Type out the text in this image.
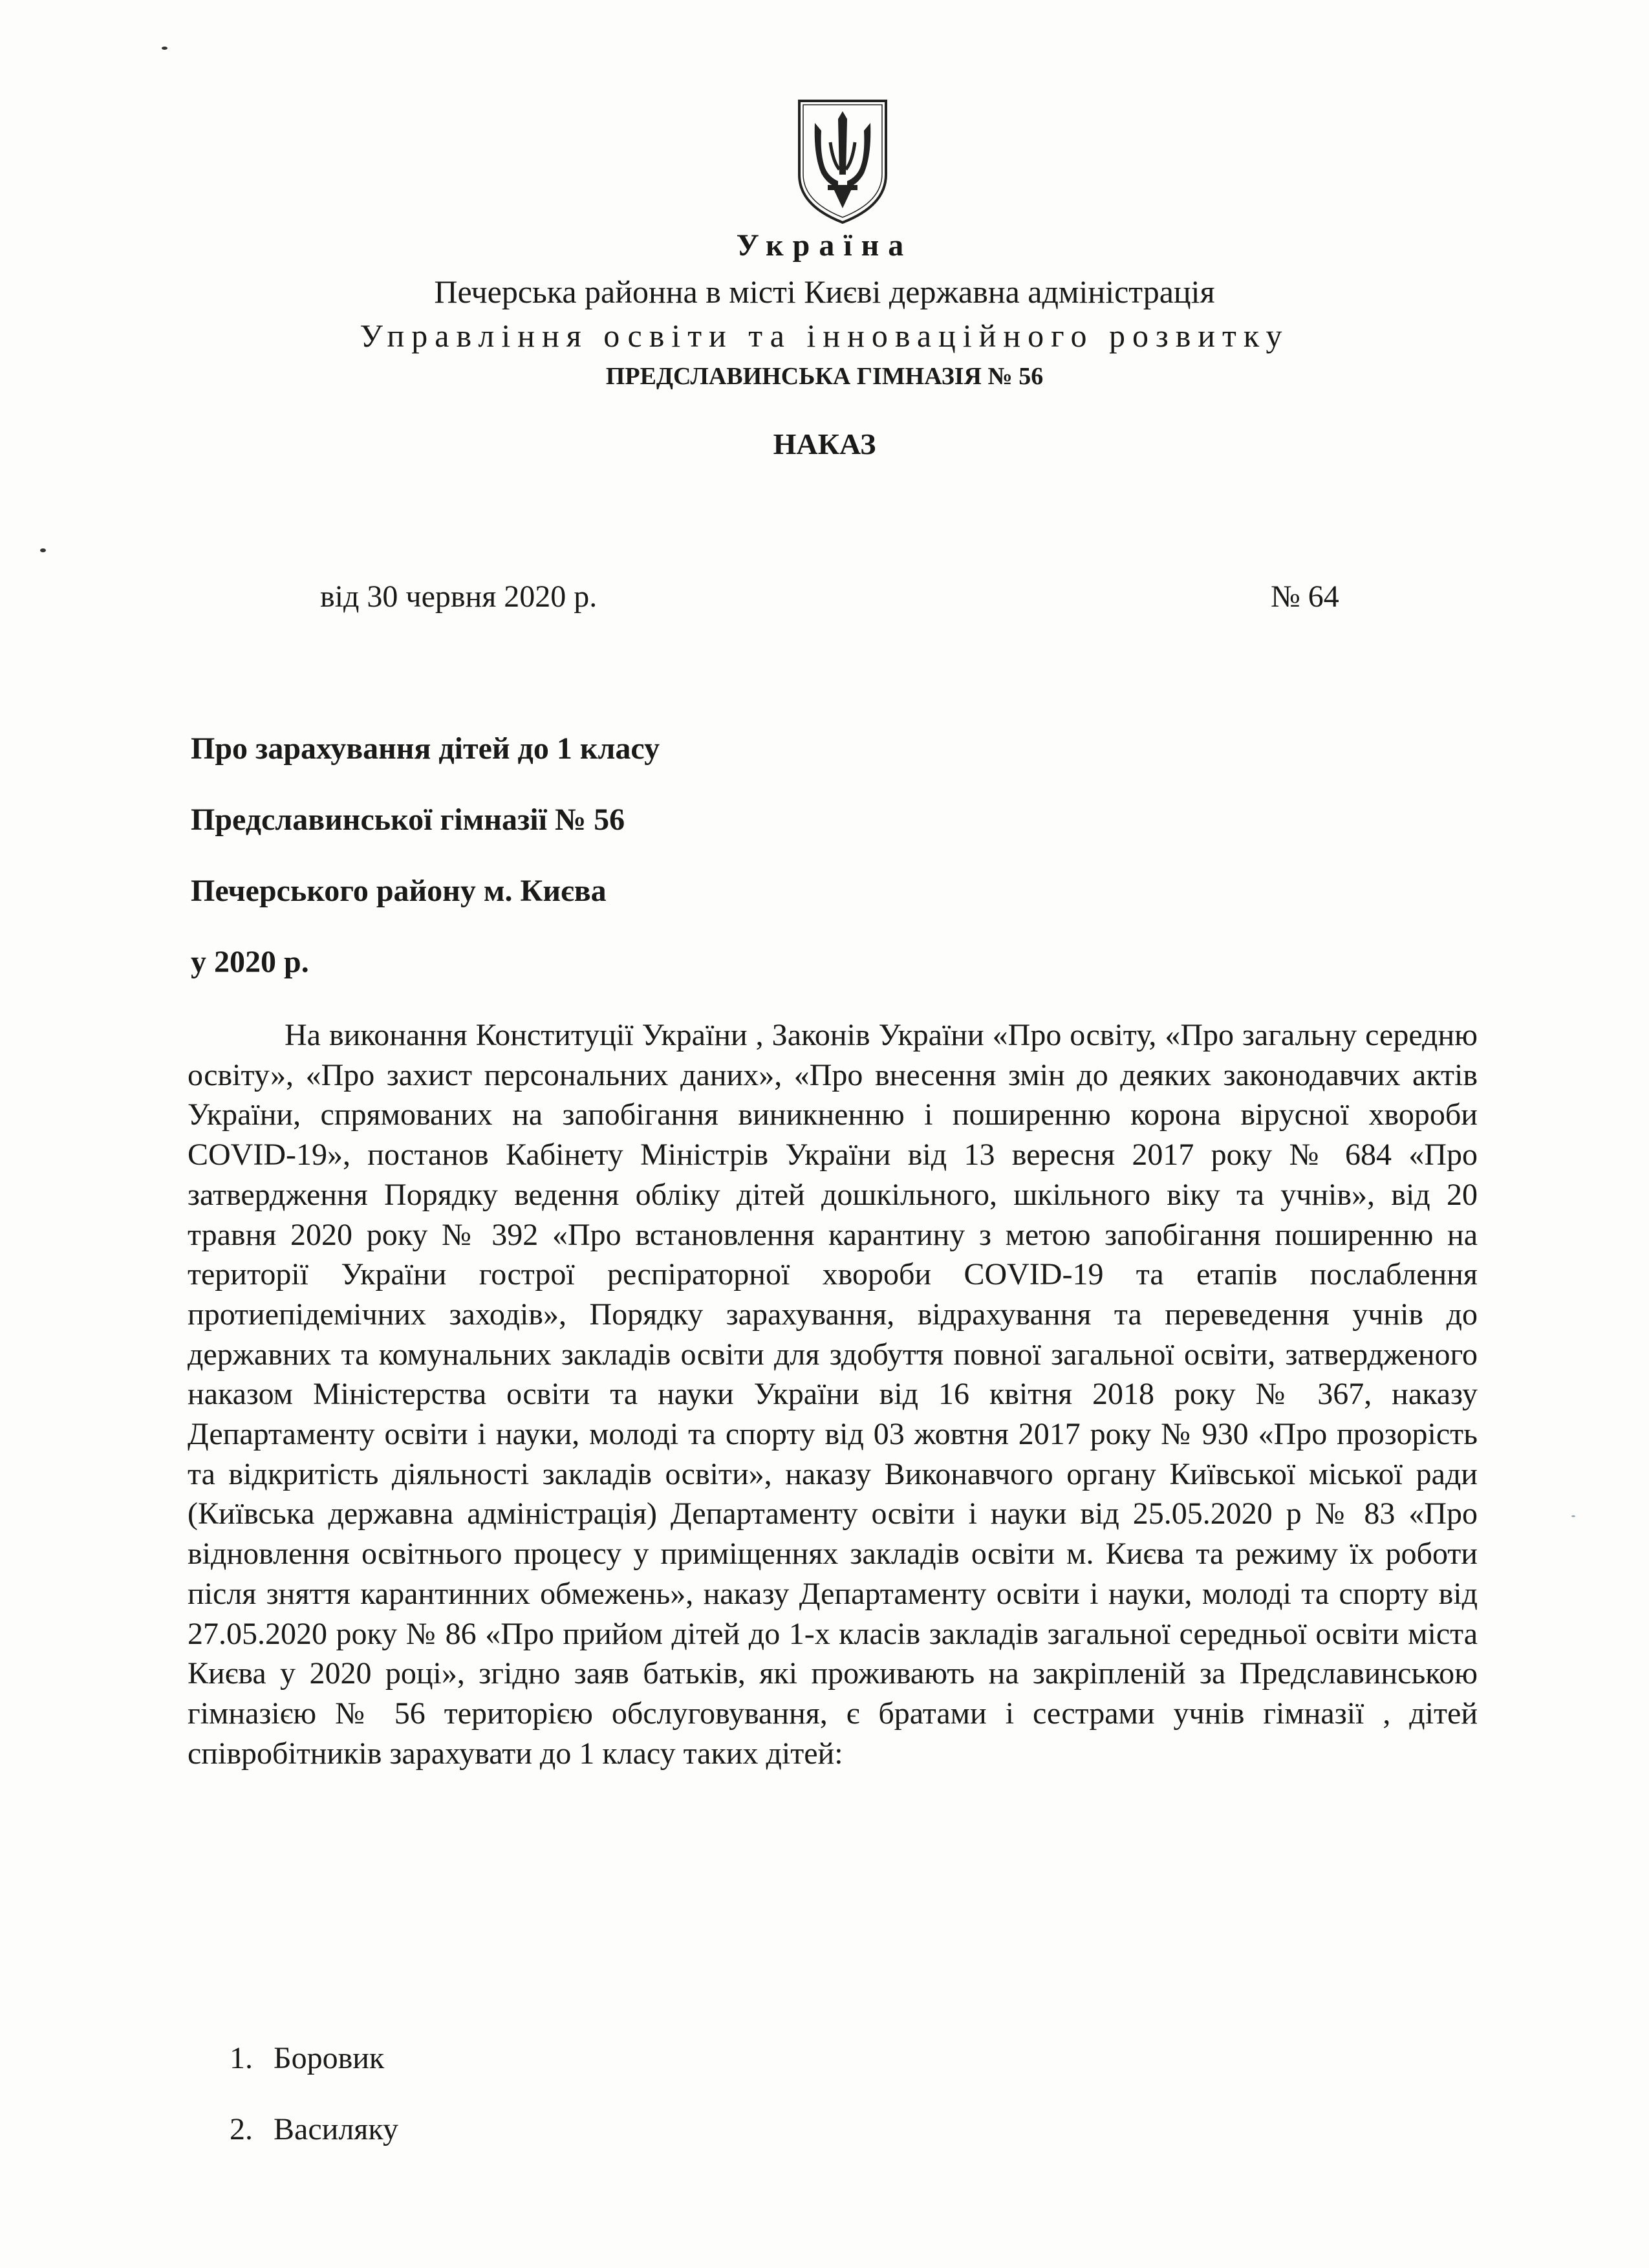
Україна
Печерська районна в місті Києві державна адміністрація
Управління освіти та інноваційного розвитку
ПРЕДСЛАВИНСЬКА ГІМНАЗІЯ № 56
НАКАЗ
від 30 червня 2020 р.	№ 64
Про зарахування дітей до 1 класу
Предславинської гімназії № 56
Печерського району м. Києва
у 2020 р.
На виконання Конституції України , Законів України «Про освіту, «Про загальну середню освіту», «Про захист персональних даних», «Про внесення змін до деяких законодавчих актів України, спрямованих на запобігання виникненню і поширенню корона вірусної хвороби COVID-19», постанов Кабінету Міністрів України від 13 вересня 2017 року № 684 «Про затвердження Порядку ведення обліку дітей дошкільного, шкільного віку та учнів», від 20 травня 2020 року № 392 «Про встановлення карантину з метою запобігання поширенню на території України гострої респіраторної хвороби COVID-19 та етапів послаблення протиепідемічних заходів», Порядку зарахування, відрахування та переведення учнів до державних та комунальних закладів освіти для здобуття повної загальної освіти, затвердженого наказом Міністерства освіти та науки України від 16 квітня 2018 року № 367, наказу Департаменту освіти і науки, молоді та спорту від 03 жовтня 2017 року № 930 «Про прозорість та відкритість діяльності закладів освіти», наказу Виконавчого органу Київської міської ради (Київська державна адміністрація) Департаменту освіти і науки від 25.05.2020 р № 83 «Про відновлення освітнього процесу у приміщеннях закладів освіти м. Києва та режиму їх роботи після зняття карантинних обмежень», наказу Департаменту освіти і науки, молоді та спорту від 27.05.2020 року № 86 «Про прийом дітей до 1-х класів закладів загальної середньої освіти міста Києва у 2020 році», згідно заяв батьків, які проживають на закріпленій за Предславинською гімназією № 56 територією обслуговування, є братами і сестрами учнів гімназії , дітей співробітників зарахувати до 1 класу таких дітей:
1. Боровик
2. Василяку
